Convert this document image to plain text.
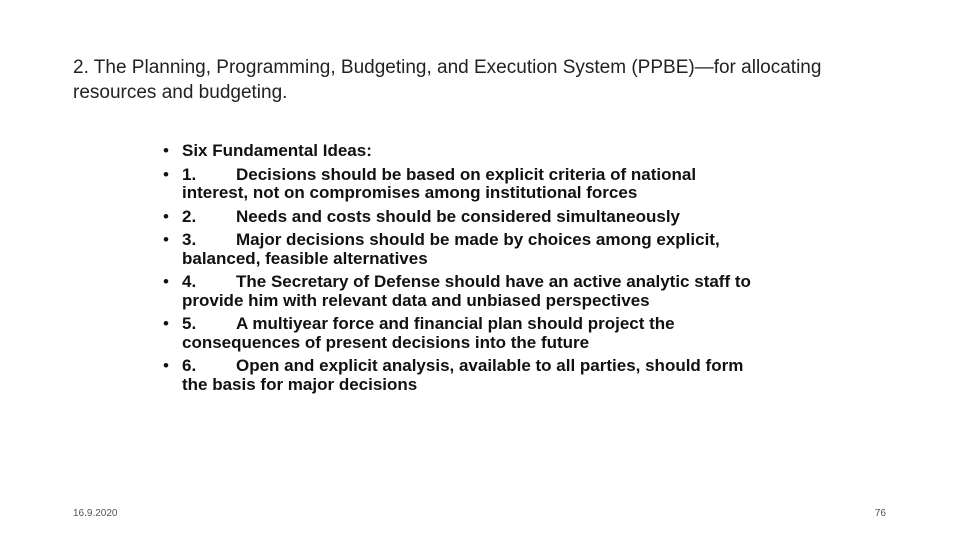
2. The Planning, Programming, Budgeting, and Execution System (PPBE)—for allocating resources and budgeting.
• Six Fundamental Ideas:
• 1. Decisions should be based on explicit criteria of national interest, not on compromises among institutional forces
• 2. Needs and costs should be considered simultaneously
• 3. Major decisions should be made by choices among explicit, balanced, feasible alternatives
• 4. The Secretary of Defense should have an active analytic staff to provide him with relevant data and unbiased perspectives
• 5. A multiyear force and financial plan should project the consequences of present decisions into the future
• 6. Open and explicit analysis, available to all parties, should form the basis for major decisions
16.9.2020	76
